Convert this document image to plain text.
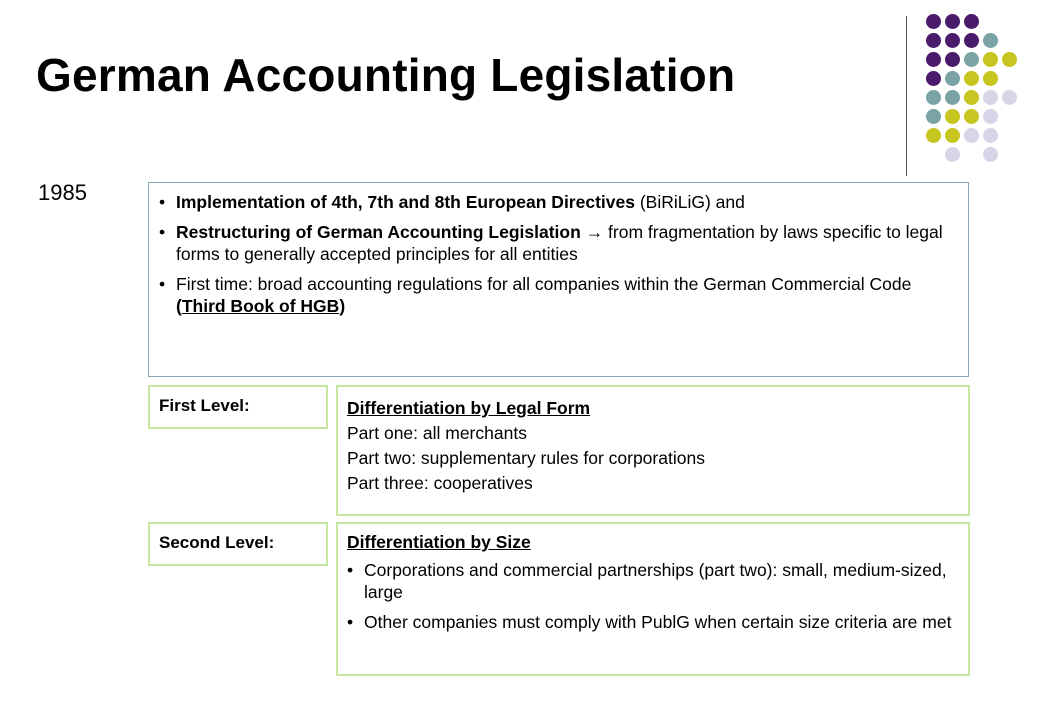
German Accounting Legislation
1985
•	Implementation of 4th, 7th and 8th European Directives (BiRiLiG) and
• Restructuring of German Accounting Legislation → from fragmentation by laws specific to legal forms to generally accepted principles for all entities
• First time: broad accounting regulations for all companies within the German Commercial Code (Third Book of HGB)
First Level:	Differentiation by Legal Form
Part one: all merchants
Part two: supplementary rules for corporations
Part three: cooperatives
Second Level:	Differentiation by Size
• Corporations and commercial partnerships (part two): small, medium-sized, large
• Other companies must comply with PublG when certain size criteria are met
